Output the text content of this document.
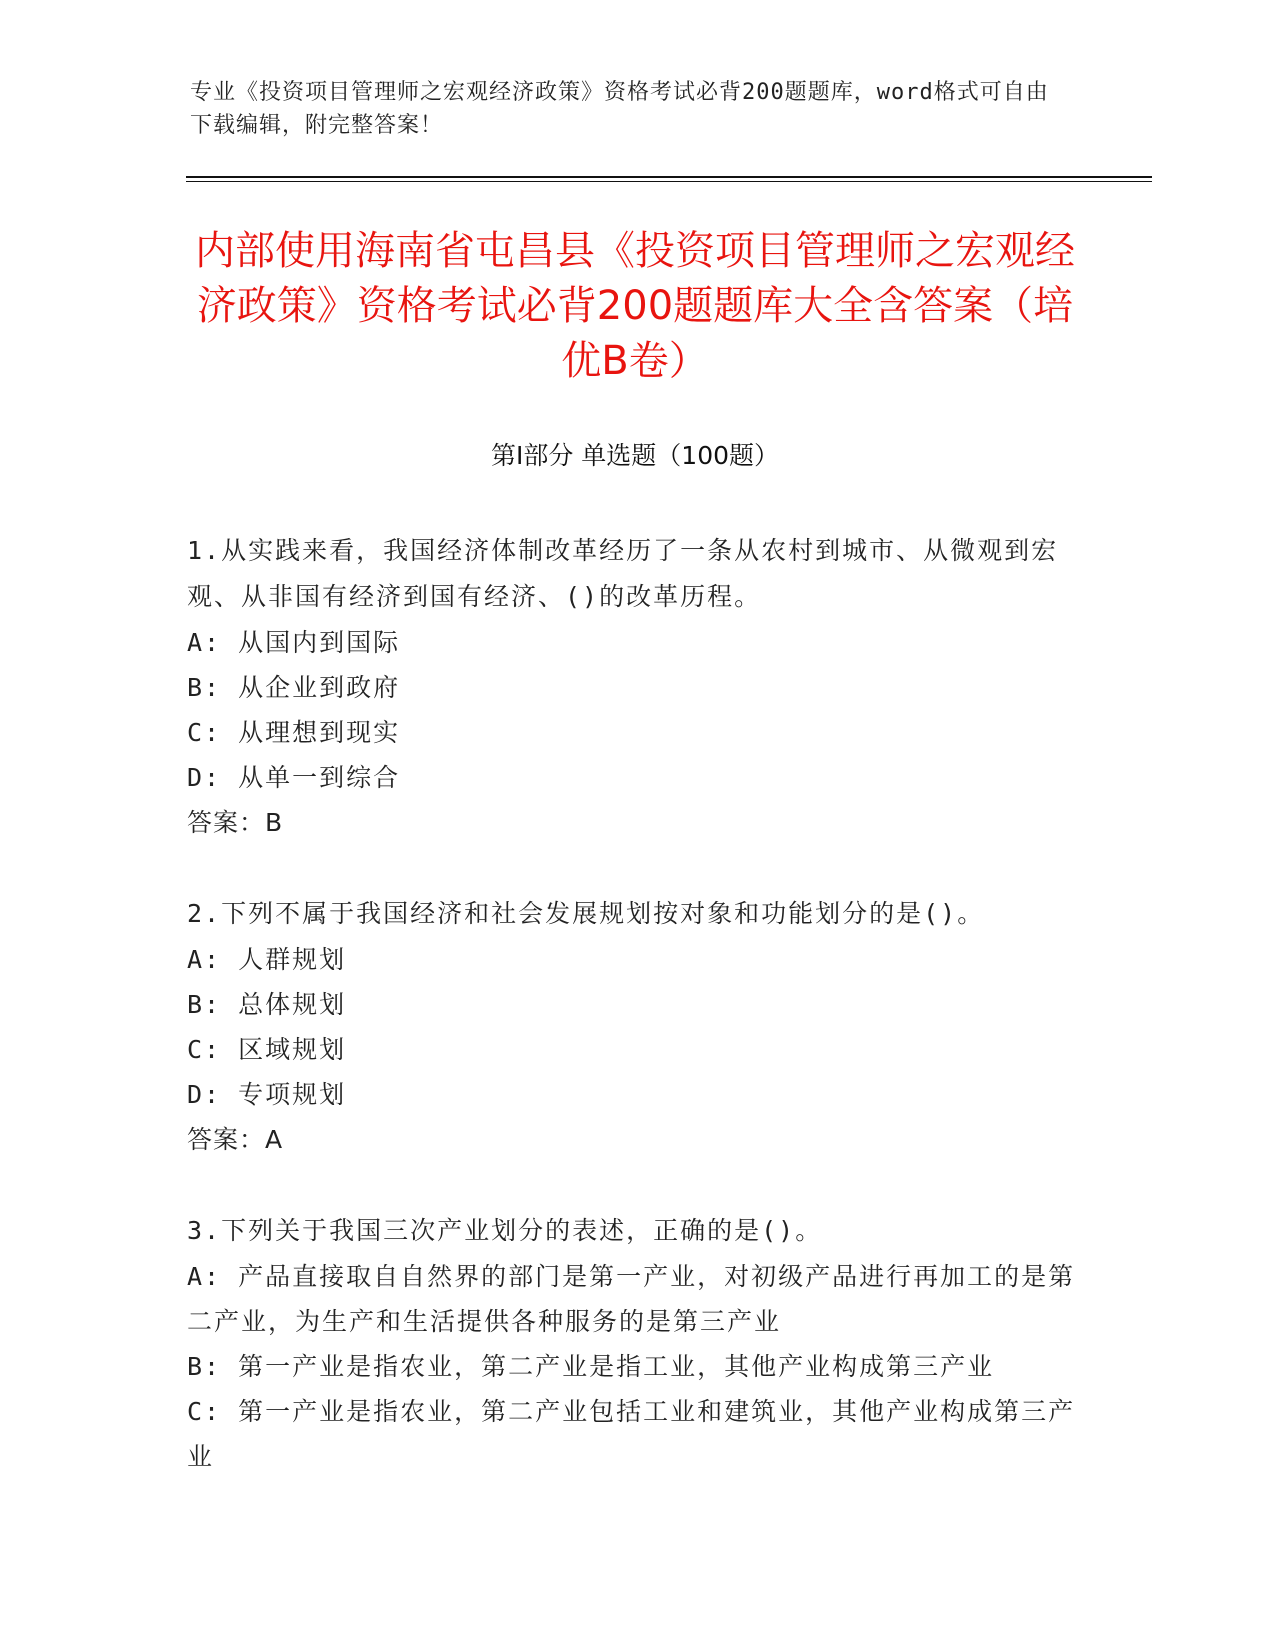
专业《投资项目管理师之宏观经济政策》资格考试必背200题题库，word格式可自由下载编辑，附完整答案！
内部使用海南省屯昌县《投资项目管理师之宏观经济政策》资格考试必背200题题库大全含答案（培优B卷）
第Ⅰ部分 单选题（100题）

1.从实践来看，我国经济体制改革经历了一条从农村到城市、从微观到宏观、从非国有经济到国有经济、()的改革历程。

A: 从国内到国际

B: 从企业到政府

C: 从理想到现实

D: 从单一到综合

答案：B

2.下列不属于我国经济和社会发展规划按对象和功能划分的是()。

A: 人群规划

B: 总体规划

C: 区域规划

D: 专项规划

答案：A

3.下列关于我国三次产业划分的表述，正确的是()。

A: 产品直接取自自然界的部门是第一产业，对初级产品进行再加工的是第二产业，为生产和生活提供各种服务的是第三产业

B: 第一产业是指农业，第二产业是指工业，其他产业构成第三产业

C: 第一产业是指农业，第二产业包括工业和建筑业，其他产业构成第三产业
